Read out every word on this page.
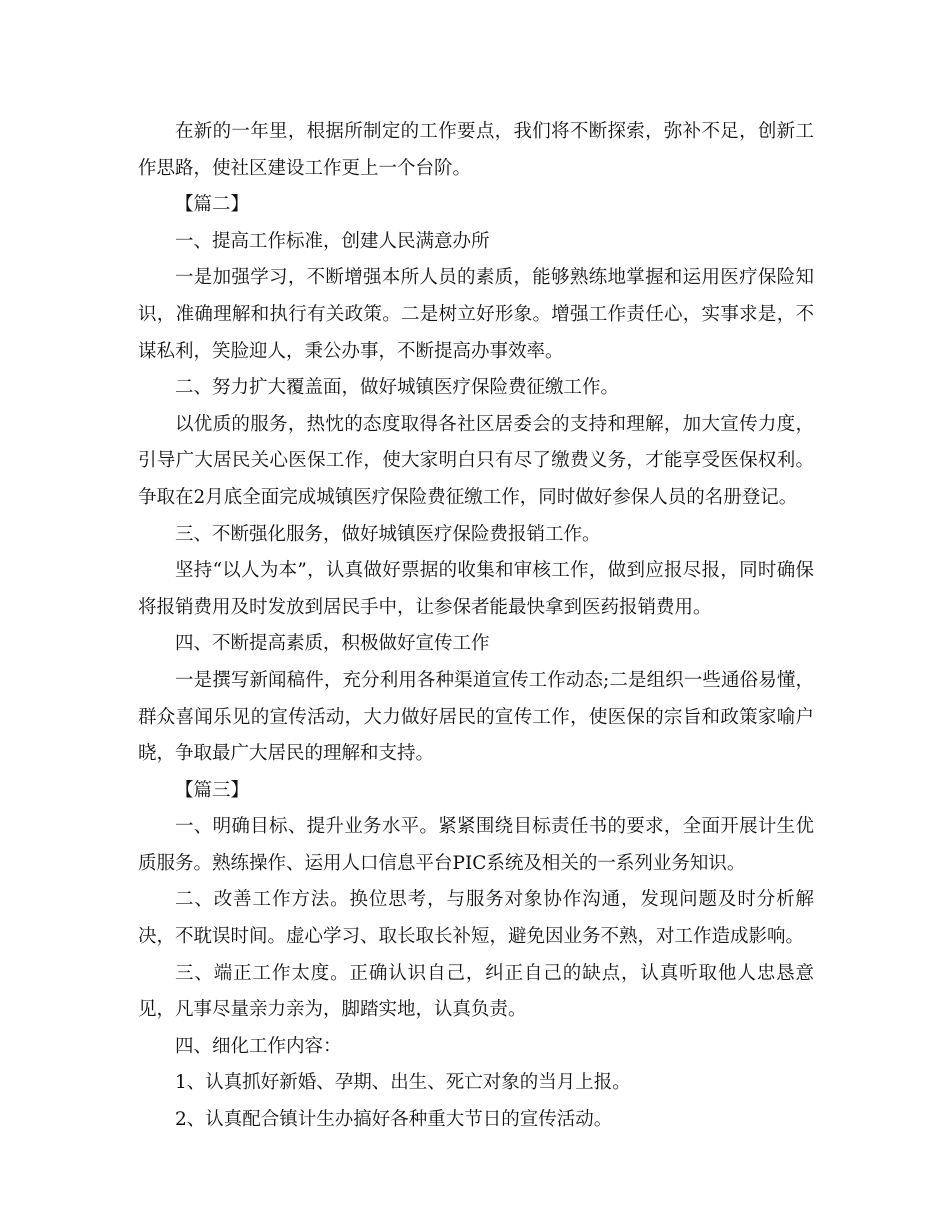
在新的一年里，根据所制定的工作要点，我们将不断探索，弥补不足，创新工作思路，使社区建设工作更上一个台阶。

【篇二】

一、提高工作标准，创建人民满意办所

一是加强学习，不断增强本所人员的素质，能够熟练地掌握和运用医疗保险知识，准确理解和执行有关政策。二是树立好形象。增强工作责任心，实事求是，不谋私利，笑脸迎人，秉公办事，不断提高办事效率。

二、努力扩大覆盖面，做好城镇医疗保险费征缴工作。

以优质的服务，热忱的态度取得各社区居委会的支持和理解，加大宣传力度，引导广大居民关心医保工作，使大家明白只有尽了缴费义务，才能享受医保权利。争取在2月底全面完成城镇医疗保险费征缴工作，同时做好参保人员的名册登记。

三、不断强化服务，做好城镇医疗保险费报销工作。

坚持“以人为本”，认真做好票据的收集和审核工作，做到应报尽报，同时确保将报销费用及时发放到居民手中，让参保者能最快拿到医药报销费用。

四、不断提高素质，积极做好宣传工作

一是撰写新闻稿件，充分利用各种渠道宣传工作动态;二是组织一些通俗易懂，群众喜闻乐见的宣传活动，大力做好居民的宣传工作，使医保的宗旨和政策家喻户晓，争取最广大居民的理解和支持。

【篇三】

一、明确目标、提升业务水平。紧紧围绕目标责任书的要求，全面开展计生优质服务。熟练操作、运用人口信息平台PIC系统及相关的一系列业务知识。

二、改善工作方法。换位思考，与服务对象协作沟通，发现问题及时分析解决，不耽误时间。虚心学习、取长取长补短，避免因业务不熟，对工作造成影响。

三、端正工作太度。正确认识自己，纠正自己的缺点，认真听取他人忠恳意见，凡事尽量亲力亲为，脚踏实地，认真负责。

四、细化工作内容：

1、认真抓好新婚、孕期、出生、死亡对象的当月上报。

2、认真配合镇计生办搞好各种重大节日的宣传活动。
